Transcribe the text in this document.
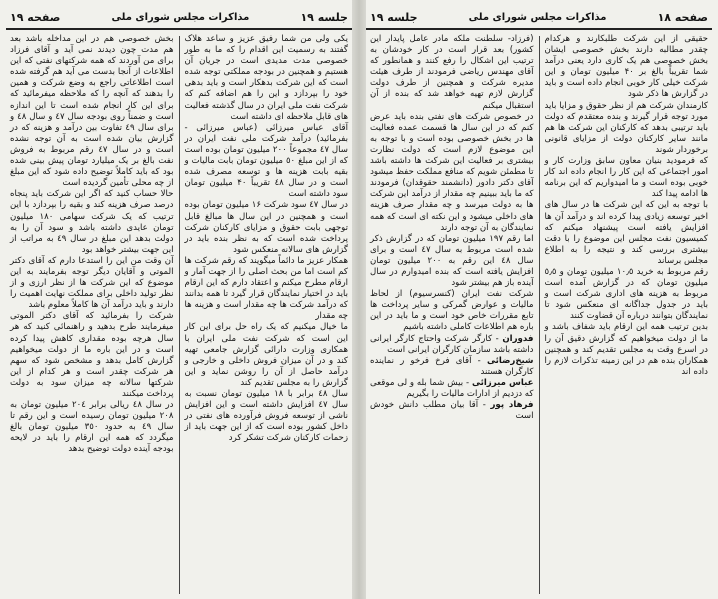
جلسه ١٩
مذاكرات مجلس شوراى ملى
صفحه ١٩

یکی ولی من شما رفیق عزیز و ساعد هلاک گفتند به رسمیت این اقدام را که ما به طور خصوصی مدت مدیدی است در جریان آن هستیم و همچنین در بودجه مملکتی توجه شده است که این شرکت بدهکار است و باید بدهی خود را بپردازد و این را هم اضافه کنم که شرکت نفت ملی ایران در سال گذشته فعالیت های قابل ملاحظه ای داشته است

آقای عباس میرزائی (عباس میرزائی - بفرمائید) درآمد شرکت ملی نفت ایران در سال ٤٧ مجموعاً ٢٠٠ میلیون تومان بوده است که از این مبلغ ٥٠ میلیون تومان بابت مالیات و بقیه بابت هزینه ها و توسعه مصرف شده است و در سال ٤٨ تقریباً ۴۰ میلیون تومان سود داشته است

در سال ٤٧ سود شرکت ۱۶ میلیون تومان بوده است و همچنین در این سال ها مبالغ قابل توجهی بابت حقوق و مزایای کارکنان شرکت پرداخت شده است که به نظر بنده باید در گزارش های سالانه منعکس شود

همکار عزیز ما دائماً میگویند که رقم شرکت ها کم است اما من بحث اصلی را از جهت آمار و ارقام مطرح میکنم و اعتقاد دارم که این ارقام باید در اختیار نمایندگان قرار گیرد تا همه بدانند که درآمد شرکت ها چه مقدار است و هزینه ها چه مقدار

ما خیال میکنیم که یک راه حل برای این کار این است که شرکت نفت ملی ایران با همکاری وزارت دارائی گزارش جامعی تهیه کند و در آن میزان فروش داخلی و خارجی و درآمد حاصل از آن را روشن نماید و این گزارش را به مجلس تقدیم کند

سال ٤٨ برابر با ١٨ میلیون تومان نسبت به سال ٤٧ افزایش داشته است و این افزایش ناشی از توسعه فروش فرآورده های نفتی در داخل کشور بوده است که از این جهت باید از زحمات کارکنان شرکت تشکر کرد

بخش خصوصی هم در این مداخله باشد بعد هم مدت چون دیدند نمی آید و آقای فرزاد برای من آوردند که همه شرکتهای نفتی که این اطلاعات از آنجا بدست می آید هم گرفته شده است اطلاعاتی راجع به وضع شرکت و همین را بدهند که آنچه را که ملاحظه میفرمائید که برای این کار انجام شده است تا این اندازه است و ضمناً روی بودجه سال ٤٧ و سال ٤٨ و برای سال ٤٩ تفاوت بین درآمد و هزینه که در گزارش بیان شده است به آن توجه نشده است و در سال ٤٧ رقم مربوط به فروش نفت بالغ بر یک میلیارد تومان پیش بینی شده بود که باید کاملاً توضیح داده شود که این مبلغ از چه محلی تأمین گردیده است

حالا حساب کنید که اگر این شرکت باید پنجاه درصد صرف هزینه کند و بقیه را بپردازد با این ترتیب که یک شرکت سهامی ١٨٠ میلیون تومان عایدی داشته باشد و سود آن را به دولت بدهد این مبلغ در سال ٤٩ به مراتب از این جهت بیشتر خواهد بود

آن وقت من این را استدعا دارم که آقای دکتر الموتی و آقایان دیگر توجه بفرمایند به این موضوع که این شرکت ها از نظر ارزی و از نظر تولید داخلی برای مملکت نهایت اهمیت را دارند و باید درآمد آن ها کاملاً معلوم باشد

شرکت را بفرمائید که آقای دکتر الموتی میفرمایند طرح بدهید و راهنمائی کنید که هر سال هرچه بوده مقداری کاهش پیدا کرده است و در این باره ما از دولت میخواهیم گزارش کامل بدهد و مشخص شود که سهم هر شرکت چقدر است و هر کدام از این شرکتها سالانه چه میزان سود به دولت پرداخت میکنند

در سال ٤٨ ریالی برابر ٢٠٤ میلیون تومان به ٢٠٨ میلیون تومان رسیده است و این رقم تا سال ٤٩ به حدود ٣٥٠ میلیون تومان بالغ میگردد که همه این ارقام را باید در لایحه بودجه آینده دولت توضیح بدهد

صفحه ١٨
مذاكرات مجلس شوراى ملى
جلسه ١٩

حقیقی از این شرکت طلبکارند و هرکدام چقدر مطالبه دارند بخش خصوصی ایشان بخش خصوصی هم یک کاری دارد یعنی درآمد شما تقریباً بالغ بر ۴۰ میلیون تومان و این شرکت خیلی کار خوبی انجام داده است و باید در گزارش ها ذکر شود

کارمندان شرکت هم از نظر حقوق و مزایا باید مورد توجه قرار گیرند و بنده معتقدم که دولت باید ترتیبی بدهد که کارکنان این شرکت ها هم مانند سایر کارکنان دولت از مزایای قانونی برخوردار شوند

که فرمودید بنیان معاون سابق وزارت کار و امور اجتماعی که این کار را انجام داده اند کار خوبی بوده است و ما امیدواریم که این برنامه ها ادامه پیدا کند

با توجه به این که این شرکت ها در سال های اخیر توسعه زیادی پیدا کرده اند و درآمد آن ها افزایش یافته است پیشنهاد میکنم که کمیسیون نفت مجلس این موضوع را با دقت بیشتری بررسی کند و نتیجه را به اطلاع مجلس برساند

رقم مربوط به خرید ١٠٫٥ میلیون تومان و ٥٫٥ میلیون تومان که در گزارش آمده است مربوط به هزینه های اداری شرکت است و باید در جدول جداگانه ای منعکس شود تا نمایندگان بتوانند درباره آن قضاوت کنند

بدین ترتیب همه این ارقام باید شفاف باشد و ما از دولت میخواهیم که گزارش دقیق آن را در اسرع وقت به مجلس تقدیم کند و همچنین همکاران بنده هم در این زمینه تذکرات لازم را داده اند

(فرزاد- سلطنت ملکه مادر عامل پایدار این کشور) بعد قرار است در کار خودشان به ترتیب این اشکال را رفع کنند و همانطور که آقای مهندس ریاضی فرمودند از طرف هیئت مدیره شرکت و همچنین از طرف دولت گزارش لازم تهیه خواهد شد که بنده از آن استقبال میکنم

در خصوص شرکت های نفتی بنده باید عرض کنم که در این سال ها قسمت عمده فعالیت ها در بخش خصوصی بوده است و با توجه به این موضوع لازم است که دولت نظارت بیشتری بر فعالیت این شرکت ها داشته باشد تا مطمئن شویم که منافع مملکت حفظ میشود

آقای دکتر دادور (دانشمند حقوقدان) فرمودند که ما باید ببینیم چه مقدار از درآمد این شرکت ها به دولت میرسد و چه مقدار صرف هزینه های داخلی میشود و این نکته ای است که همه نمایندگان به آن توجه دارند

اما رقم ١٩٧ میلیون تومان که در گزارش ذکر شده است مربوط به سال ٤٧ است و برای سال ٤٨ این رقم به ٢٠٠ میلیون تومان افزایش یافته است که بنده امیدوارم در سال آینده باز هم بیشتر شود

شرکت نفت ایران (کنسرسیوم) از لحاظ مالیات و عوارض گمرکی و سایر پرداخت ها تابع مقررات خاص خود است و ما باید در این باره هم اطلاعات کاملی داشته باشیم

فدوران - کارگر شرکت واحتاج کارگر ایرانی داشته باشد سازمان کارگران ایرانی است

شیخ‌رضائی - آقای فرخ فرخو ر نماینده کارگران هستند

عباس میرزائی - بیش شما بله و لی موقعی که دزدیم از ادارات مالیات را بگیریم

فرهاد پور - آقا بیان مطلب دانش خودش است
